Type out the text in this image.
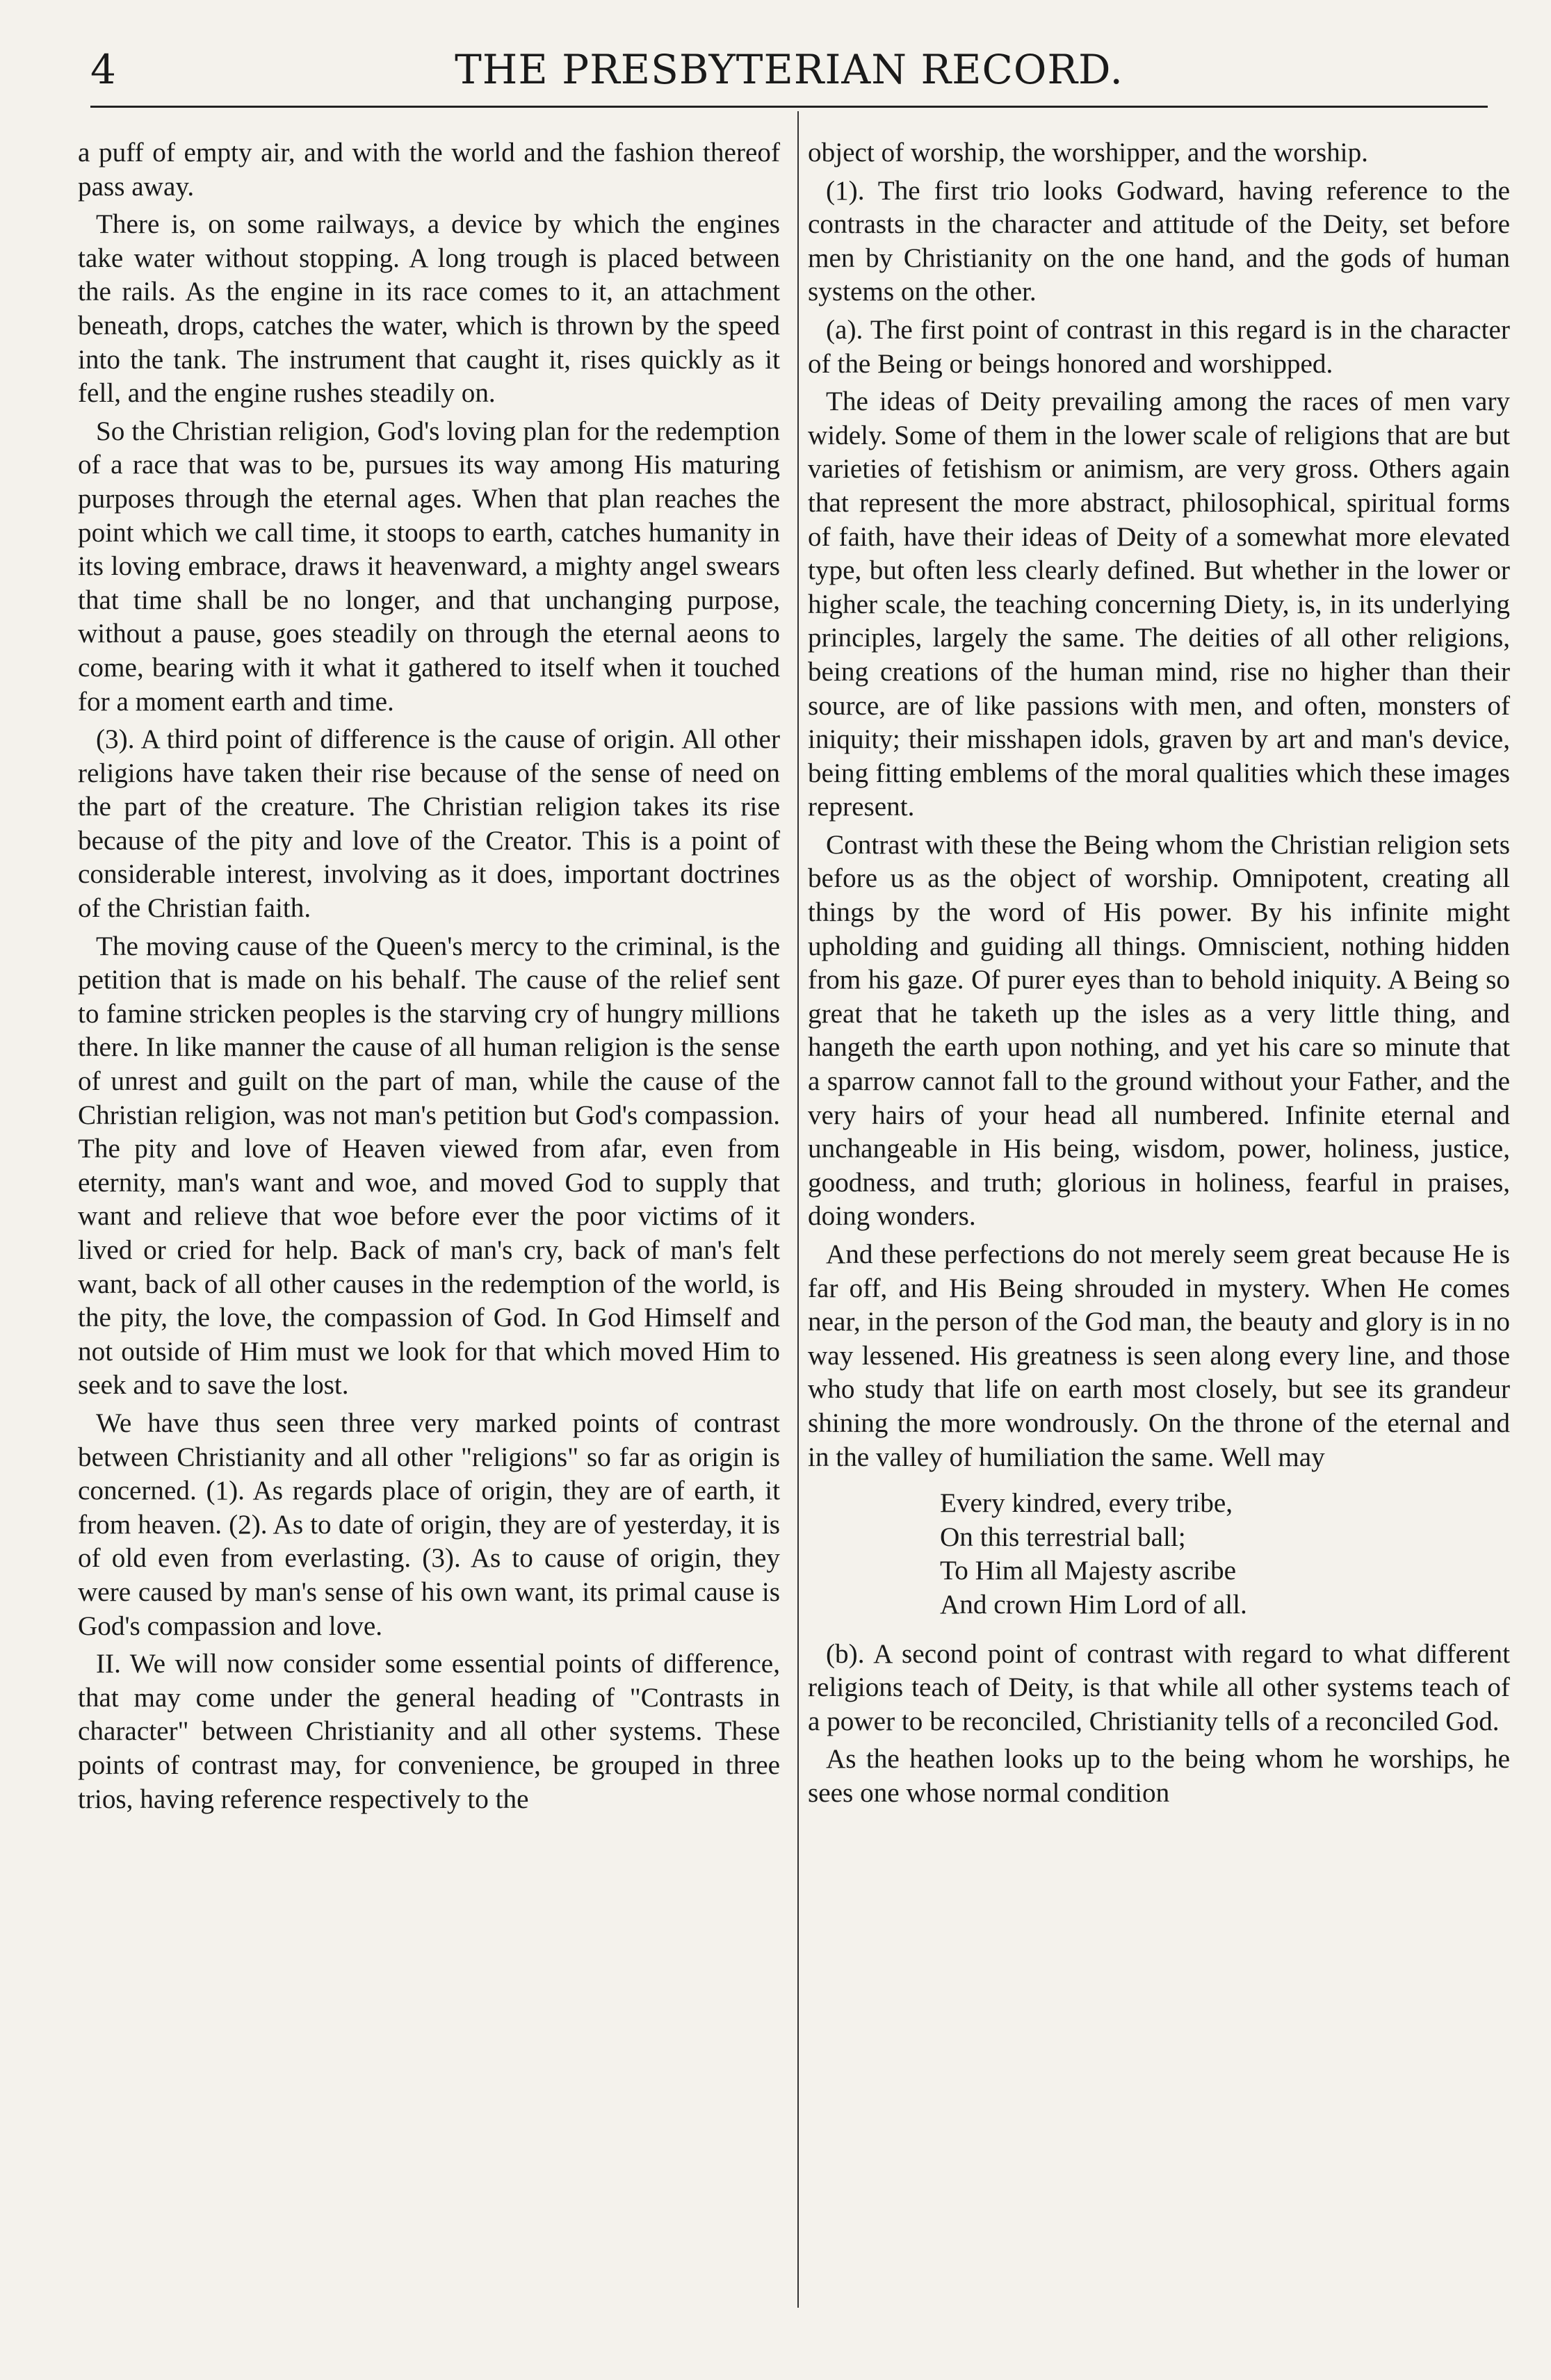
4	THE PRESBYTERIAN RECORD.

a puff of empty air, and with the world and the fashion thereof pass away.

There is, on some railways, a device by which the engines take water without stopping. A long trough is placed between the rails. As the engine in its race comes to it, an attachment beneath, drops, catches the water, which is thrown by the speed into the tank. The instrument that caught it, rises quickly as it fell, and the engine rushes steadily on.

So the Christian religion, God's loving plan for the redemption of a race that was to be, pursues its way among His maturing purposes through the eternal ages. When that plan reaches the point which we call time, it stoops to earth, catches humanity in its loving embrace, draws it heavenward, a mighty angel swears that time shall be no longer, and that unchanging purpose, without a pause, goes steadily on through the eternal aeons to come, bearing with it what it gathered to itself when it touched for a moment earth and time.

(3). A third point of difference is the cause of origin. All other religions have taken their rise because of the sense of need on the part of the creature. The Christian religion takes its rise because of the pity and love of the Creator. This is a point of considerable interest, involving as it does, important doctrines of the Christian faith.

The moving cause of the Queen's mercy to the criminal, is the petition that is made on his behalf. The cause of the relief sent to famine stricken peoples is the starving cry of hungry millions there. In like manner the cause of all human religion is the sense of unrest and guilt on the part of man, while the cause of the Christian religion, was not man's petition but God's compassion. The pity and love of Heaven viewed from afar, even from eternity, man's want and woe, and moved God to supply that want and relieve that woe before ever the poor victims of it lived or cried for help. Back of man's cry, back of man's felt want, back of all other causes in the redemption of the world, is the pity, the love, the compassion of God. In God Himself and not outside of Him must we look for that which moved Him to seek and to save the lost.

We have thus seen three very marked points of contrast between Christianity and all other "religions" so far as origin is concerned. (1). As regards place of origin, they are of earth, it from heaven. (2). As to date of origin, they are of yesterday, it is of old even from everlasting. (3). As to cause of origin, they were caused by man's sense of his own want, its primal cause is God's compassion and love.

II. We will now consider some essential points of difference, that may come under the general heading of "Contrasts in character" between Christianity and all other systems. These points of contrast may, for convenience, be grouped in three trios, having reference respectively to the

object of worship, the worshipper, and the worship.

(1). The first trio looks Godward, having reference to the contrasts in the character and attitude of the Deity, set before men by Christianity on the one hand, and the gods of human systems on the other.

(a). The first point of contrast in this regard is in the character of the Being or beings honored and worshipped.

The ideas of Deity prevailing among the races of men vary widely. Some of them in the lower scale of religions that are but varieties of fetishism or animism, are very gross. Others again that represent the more abstract, philosophical, spiritual forms of faith, have their ideas of Deity of a somewhat more elevated type, but often less clearly defined. But whether in the lower or higher scale, the teaching concerning Diety, is, in its underlying principles, largely the same. The deities of all other religions, being creations of the human mind, rise no higher than their source, are of like passions with men, and often, monsters of iniquity; their misshapen idols, graven by art and man's device, being fitting emblems of the moral qualities which these images represent.

Contrast with these the Being whom the Christian religion sets before us as the object of worship. Omnipotent, creating all things by the word of His power. By his infinite might upholding and guiding all things. Omniscient, nothing hidden from his gaze. Of purer eyes than to behold iniquity. A Being so great that he taketh up the isles as a very little thing, and hangeth the earth upon nothing, and yet his care so minute that a sparrow cannot fall to the ground without your Father, and the very hairs of your head all numbered. Infinite eternal and unchangeable in His being, wisdom, power, holiness, justice, goodness, and truth; glorious in holiness, fearful in praises, doing wonders.

And these perfections do not merely seem great because He is far off, and His Being shrouded in mystery. When He comes near, in the person of the God man, the beauty and glory is in no way lessened. His greatness is seen along every line, and those who study that life on earth most closely, but see its grandeur shining the more wondrously. On the throne of the eternal and in the valley of humiliation the same. Well may

Every kindred, every tribe,
On this terrestrial ball;
To Him all Majesty ascribe
And crown Him Lord of all.

(b). A second point of contrast with regard to what different religions teach of Deity, is that while all other systems teach of a power to be reconciled, Christianity tells of a reconciled God.

As the heathen looks up to the being whom he worships, he sees one whose normal condition
